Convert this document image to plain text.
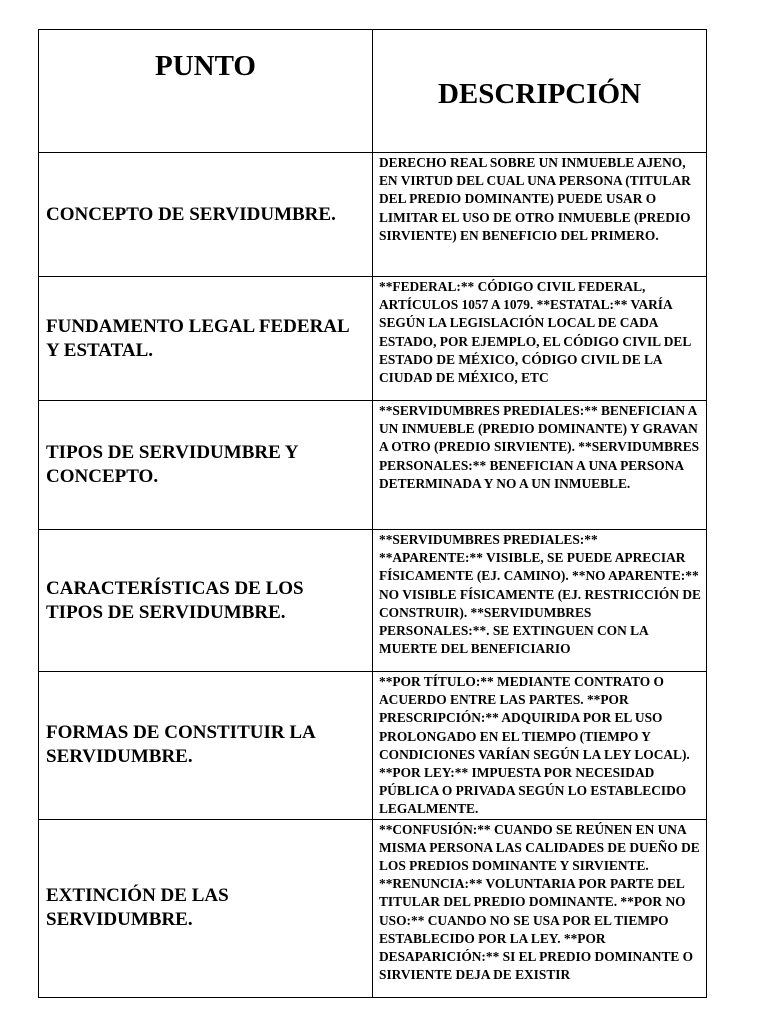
PUNTO	DESCRIPCIÓN
CONCEPTO DE SERVIDUMBRE.	DERECHO REAL SOBRE UN INMUEBLE AJENO, EN VIRTUD DEL CUAL UNA PERSONA (TITULAR DEL PREDIO DOMINANTE) PUEDE USAR O LIMITAR EL USO DE OTRO INMUEBLE (PREDIO SIRVIENTE) EN BENEFICIO DEL PRIMERO.
FUNDAMENTO LEGAL FEDERAL Y ESTATAL.	**FEDERAL:** CÓDIGO CIVIL FEDERAL, ARTÍCULOS 1057 A 1079. **ESTATAL:** VARÍA SEGÚN LA LEGISLACIÓN LOCAL DE CADA ESTADO, POR EJEMPLO, EL CÓDIGO CIVIL DEL ESTADO DE MÉXICO, CÓDIGO CIVIL DE LA CIUDAD DE MÉXICO, ETC
TIPOS DE SERVIDUMBRE Y CONCEPTO.	**SERVIDUMBRES PREDIALES:** BENEFICIAN A UN INMUEBLE (PREDIO DOMINANTE) Y GRAVAN A OTRO (PREDIO SIRVIENTE). **SERVIDUMBRES PERSONALES:** BENEFICIAN A UNA PERSONA DETERMINADA Y NO A UN INMUEBLE.
CARACTERÍSTICAS DE LOS TIPOS DE SERVIDUMBRE.	**SERVIDUMBRES PREDIALES:** **APARENTE:** VISIBLE, SE PUEDE APRECIAR FÍSICAMENTE (EJ. CAMINO). **NO APARENTE:** NO VISIBLE FÍSICAMENTE (EJ. RESTRICCIÓN DE CONSTRUIR). **SERVIDUMBRES PERSONALES:**. SE EXTINGUEN CON LA MUERTE DEL BENEFICIARIO
FORMAS DE CONSTITUIR LA SERVIDUMBRE.	**POR TÍTULO:** MEDIANTE CONTRATO O ACUERDO ENTRE LAS PARTES. **POR PRESCRIPCIÓN:** ADQUIRIDA POR EL USO PROLONGADO EN EL TIEMPO (TIEMPO Y CONDICIONES VARÍAN SEGÚN LA LEY LOCAL). **POR LEY:** IMPUESTA POR NECESIDAD PÚBLICA O PRIVADA SEGÚN LO ESTABLECIDO LEGALMENTE.
EXTINCIÓN DE LAS SERVIDUMBRE.	**CONFUSIÓN:** CUANDO SE REÚNEN EN UNA MISMA PERSONA LAS CALIDADES DE DUEÑO DE LOS PREDIOS DOMINANTE Y SIRVIENTE. **RENUNCIA:** VOLUNTARIA POR PARTE DEL TITULAR DEL PREDIO DOMINANTE. **POR NO USO:** CUANDO NO SE USA POR EL TIEMPO ESTABLECIDO POR LA LEY. **POR DESAPARICIÓN:** SI EL PREDIO DOMINANTE O SIRVIENTE DEJA DE EXISTIR
